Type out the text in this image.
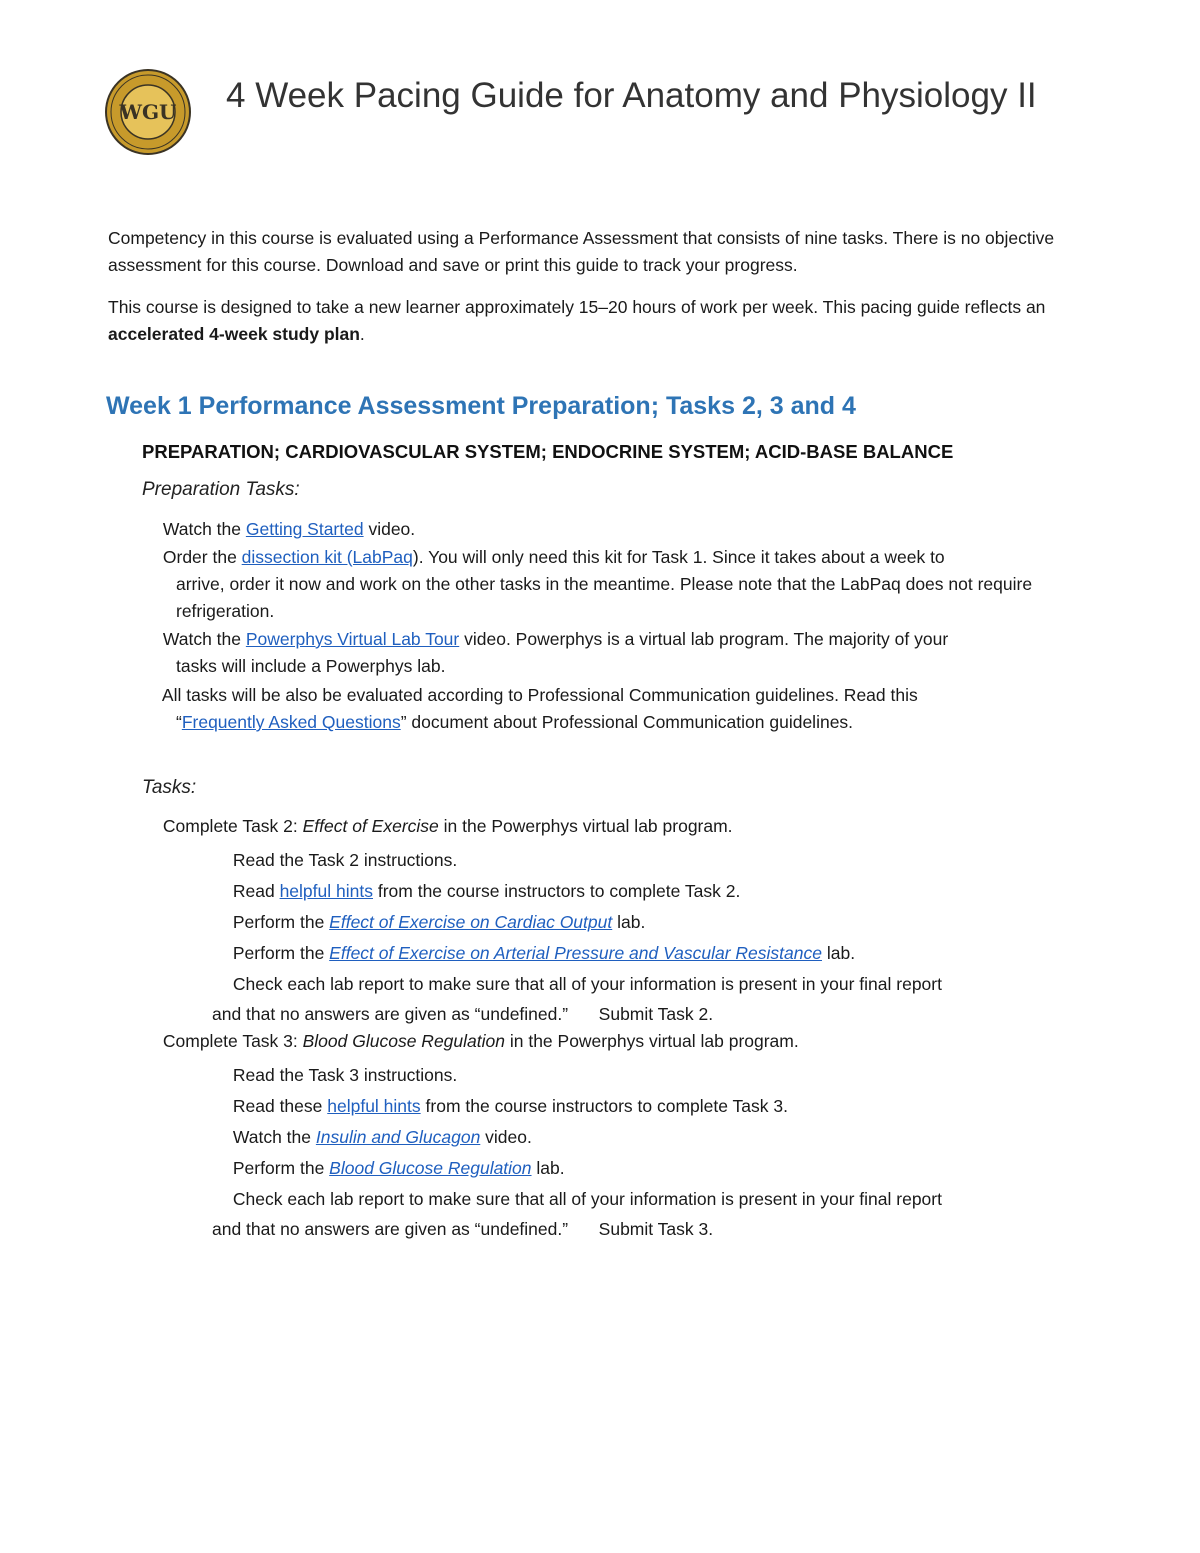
WGU 4 Week Pacing Guide for Anatomy and Physiology II
Competency in this course is evaluated using a Performance Assessment that consists of nine tasks. There is no objective assessment for this course. Download and save or print this guide to track your progress.
This course is designed to take a new learner approximately 15–20 hours of work per week. This pacing guide reflects an accelerated 4-week study plan.
Week 1 Performance Assessment Preparation; Tasks 2, 3 and 4
PREPARATION; CARDIOVASCULAR SYSTEM; ENDOCRINE SYSTEM; ACID-BASE BALANCE
Preparation Tasks:
Watch the Getting Started video.
Order the dissection kit (LabPaq). You will only need this kit for Task 1. Since it takes about a week to
arrive, order it now and work on the other tasks in the meantime. Please note that the LabPaq does not require refrigeration.
Watch the Powerphys Virtual Lab Tour video. Powerphys is a virtual lab program. The majority of your
tasks will include a Powerphys lab.
All tasks will be also be evaluated according to Professional Communication guidelines. Read this
“Frequently Asked Questions” document about Professional Communication guidelines.
Tasks:
Complete Task 2: Effect of Exercise in the Powerphys virtual lab program.
Read the Task 2 instructions.
Read helpful hints from the course instructors to complete Task 2.
Perform the Effect of Exercise on Cardiac Output lab.
Perform the Effect of Exercise on Arterial Pressure and Vascular Resistance lab.
Check each lab report to make sure that all of your information is present in your final report
and that no answers are given as “undefined.” Submit Task 2.
Complete Task 3: Blood Glucose Regulation in the Powerphys virtual lab program.
Read the Task 3 instructions.
Read these helpful hints from the course instructors to complete Task 3.
Watch the Insulin and Glucagon video.
Perform the Blood Glucose Regulation lab.
Check each lab report to make sure that all of your information is present in your final report
and that no answers are given as “undefined.” Submit Task 3.
